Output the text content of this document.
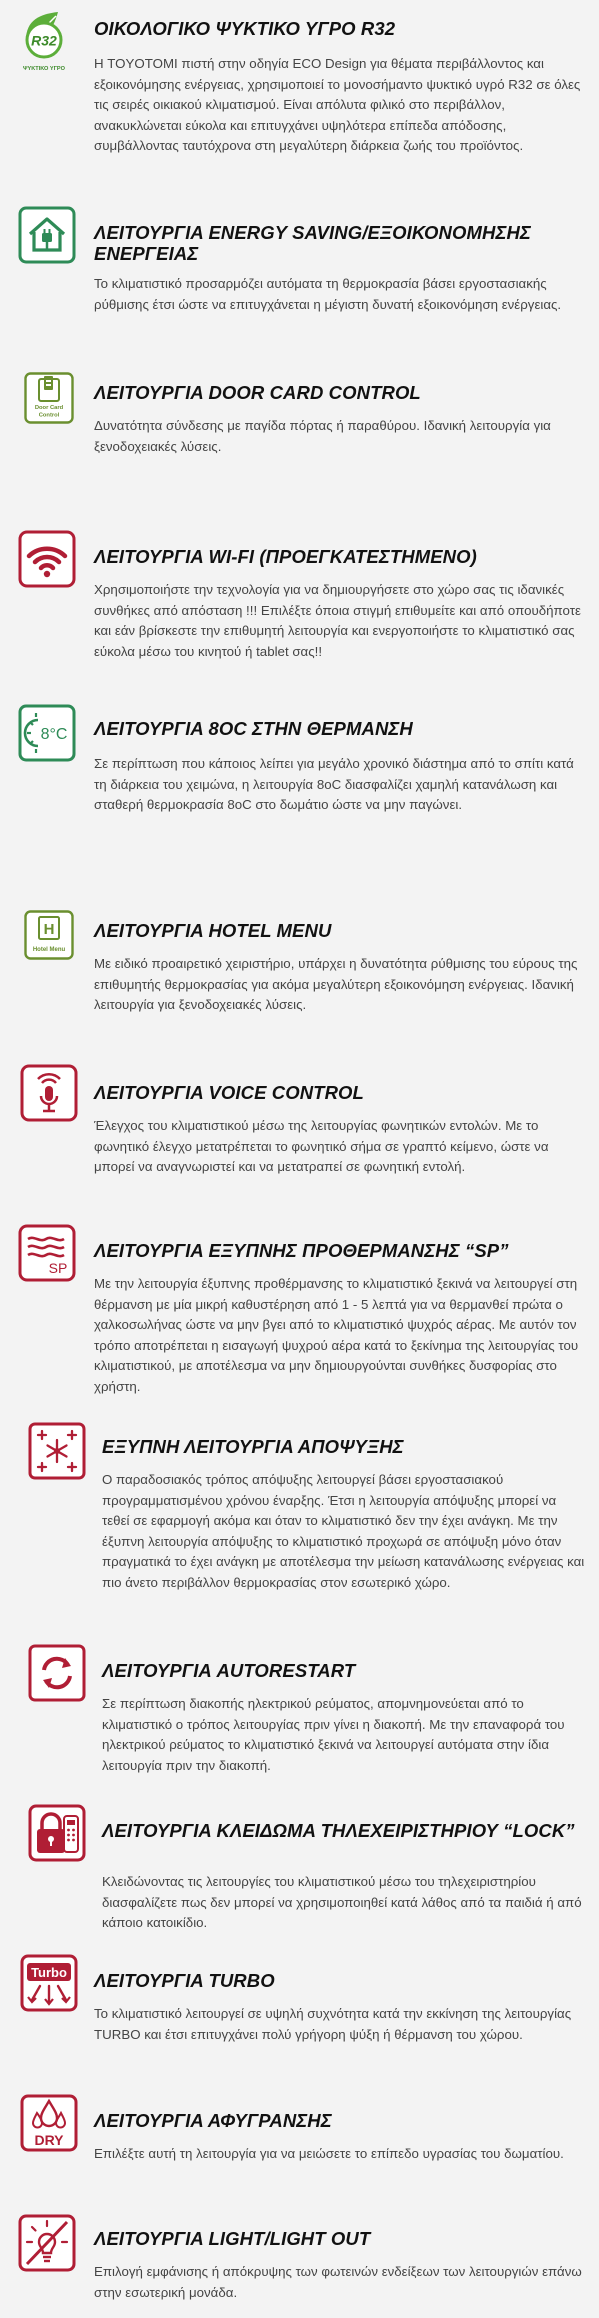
R32
ΨΥΚΤΙΚΟ ΥΓΡΟ
ΟΙΚΟΛΟΓΙΚΟ ΨΥΚΤΙΚΟ ΥΓΡΟ R32

Η TOYOTOMI πιστή στην οδηγία ECO Design για θέματα περιβάλλοντος και εξοικονόμησης ενέργειας, χρησιμοποιεί το μονοσήμαντο ψυκτικό υγρό R32 σε όλες τις σειρές οικιακού κλιματισμού. Είναι απόλυτα φιλικό στο περιβάλλον, ανακυκλώνεται εύκολα και επιτυγχάνει υψηλότερα επίπεδα απόδοσης, συμβάλλοντας ταυτόχρονα στη μεγαλύτερη διάρκεια ζωής του προϊόντος.

ΛΕΙΤΟΥΡΓΙΑ ENERGY SAVING/ΕΞΟΙΚΟΝΟΜΗΣΗΣ ΕΝΕΡΓΕΙΑΣ

Το κλιματιστικό προσαρμόζει αυτόματα τη θερμοκρασία βάσει εργοστασιακής ρύθμισης έτσι ώστε να επιτυγχάνεται η μέγιστη δυνατή εξοικονόμηση ενέργειας.

Door Card
Control
ΛΕΙΤΟΥΡΓΙΑ DOOR CARD CONTROL

Δυνατότητα σύνδεσης με παγίδα πόρτας ή παραθύρου. Ιδανική λειτουργία για ξενοδοχειακές λύσεις.

ΛΕΙΤΟΥΡΓΙΑ WI-FI (ΠΡΟΕΓΚΑΤΕΣΤΗΜΕΝΟ)

Χρησιμοποιήστε την τεχνολογία για να δημιουργήσετε στο χώρο σας τις ιδανικές συνθήκες από απόσταση !!! Επιλέξτε όποια στιγμή επιθυμείτε και από οπουδήποτε και εάν βρίσκεστε την επιθυμητή λειτουργία και ενεργοποιήστε το κλιματιστικό σας εύκολα μέσω του κινητού ή tablet σας!!

8°C ΛΕΙΤΟΥΡΓΙΑ 8ΟC ΣΤΗΝ ΘΕΡΜΑΝΣΗ

Σε περίπτωση που κάποιος λείπει για μεγάλο χρονικό διάστημα από το σπίτι κατά τη διάρκεια του χειμώνα, η λειτουργία 8οC διασφαλίζει χαμηλή κατανάλωση και σταθερή θερμοκρασία 8οC στο δωμάτιο ώστε να μην παγώνει.

H
Hotel Menu
ΛΕΙΤΟΥΡΓΙΑ HOTEL MENU

Με ειδικό προαιρετικό χειριστήριο, υπάρχει η δυνατότητα ρύθμισης του εύρους της επιθυμητής θερμοκρασίας για ακόμα μεγαλύτερη εξοικονόμηση ενέργειας. Ιδανική λειτουργία για ξενοδοχειακές λύσεις.

ΛΕΙΤΟΥΡΓΙΑ VOICE CONTROL

Έλεγχος του κλιματιστικού μέσω της λειτουργίας φωνητικών εντολών. Με το φωνητικό έλεγχο μετατρέπεται το φωνητικό σήμα σε γραπτό κείμενο, ώστε να μπορεί να αναγνωριστεί και να μετατραπεί σε φωνητική εντολή.

SP
ΛΕΙΤΟΥΡΓΙΑ ΕΞΥΠΝΗΣ ΠΡΟΘΕΡΜΑΝΣΗΣ “SP”

Με την λειτουργία έξυπνης προθέρμανσης το κλιματιστικό ξεκινά να λειτουργεί στη θέρμανση με μία μικρή καθυστέρηση από 1 - 5 λεπτά για να θερμανθεί πρώτα ο χαλκοσωλήνας ώστε να μην βγει από το κλιματιστικό ψυχρός αέρας. Με αυτόν τον τρόπο αποτρέπεται η εισαγωγή ψυχρού αέρα κατά το ξεκίνημα της λειτουργίας του κλιματιστικού, με αποτέλεσμα να μην δημιουργούνται συνθήκες δυσφορίας στο χρήστη.

ΕΞΥΠΝΗ ΛΕΙΤΟΥΡΓΙΑ ΑΠΟΨΥΞΗΣ

Ο παραδοσιακός τρόπος απόψυξης λειτουργεί βάσει εργοστασιακού προγραμματισμένου χρόνου έναρξης. Έτσι η λειτουργία απόψυξης μπορεί να τεθεί σε εφαρμογή ακόμα και όταν το κλιματιστικό δεν την έχει ανάγκη. Με την έξυπνη λειτουργία απόψυξης το κλιματιστικό προχωρά σε απόψυξη μόνο όταν πραγματικά το έχει ανάγκη με αποτέλεσμα την μείωση κατανάλωσης ενέργειας και πιο άνετο περιβάλλον θερμοκρασίας στον εσωτερικό χώρο.

ΛΕΙΤΟΥΡΓΙΑ AUTORESTART

Σε περίπτωση διακοπής ηλεκτρικού ρεύματος, απομνημονεύεται από το κλιματιστικό ο τρόπος λειτουργίας πριν γίνει η διακοπή. Με την επαναφορά του ηλεκτρικού ρεύματος το κλιματιστικό ξεκινά να λειτουργεί αυτόματα στην ίδια λειτουργία πριν την διακοπή.

ΛΕΙΤΟΥΡΓΙΑ ΚΛΕΙΔΩΜΑ ΤΗΛΕΧΕΙΡΙΣΤΗΡΙΟΥ “LOCK”

Κλειδώνοντας τις λειτουργίες του κλιματιστικού μέσω του τηλεχειριστηρίου διασφαλίζετε πως δεν μπορεί να χρησιμοποιηθεί κατά λάθος από τα παιδιά ή από κάποιο κατοικίδιο.

Turbo ΛΕΙΤΟΥΡΓΙΑ TURBO

Το κλιματιστικό λειτουργεί σε υψηλή συχνότητα κατά την εκκίνηση της λειτουργίας TURBO και έτσι επιτυγχάνει πολύ γρήγορη ψύξη ή θέρμανση του χώρου.

DRY
ΛΕΙΤΟΥΡΓΙΑ ΑΦΥΓΡΑΝΣΗΣ

Επιλέξτε αυτή τη λειτουργία για να μειώσετε το επίπεδο υγρασίας του δωματίου.

ΛΕΙΤΟΥΡΓΙΑ LIGHT/LIGHT OUT

Επιλογή εμφάνισης ή απόκρυψης των φωτεινών ενδείξεων των λειτουργιών επάνω στην εσωτερική μονάδα.
